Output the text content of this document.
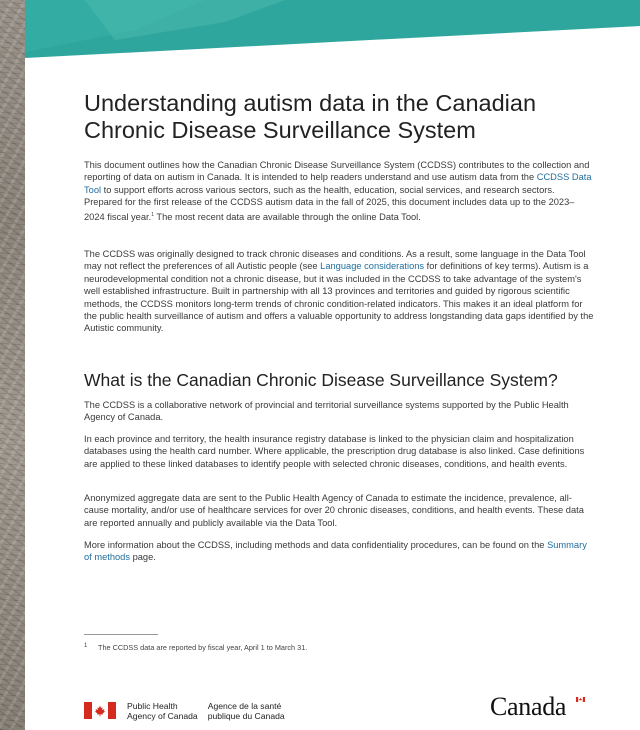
Understanding autism data in the Canadian Chronic Disease Surveillance System

This document outlines how the Canadian Chronic Disease Surveillance System (CCDSS) contributes to the collection and reporting of data on autism in Canada. It is intended to help readers understand and use autism data from the CCDSS Data Tool to support efforts across various sectors, such as the health, education, social services, and research sectors. Prepared for the first release of the CCDSS autism data in the fall of 2025, this document includes data up to the 2023–2024 fiscal year.$^1$ The most recent data are available through the online Data Tool.

The CCDSS was originally designed to track chronic diseases and conditions. As a result, some language in the Data Tool may not reflect the preferences of all Autistic people (see Language considerations for definitions of key terms). Autism is a neurodevelopmental condition not a chronic disease, but it was included in the CCDSS to take advantage of the system's well established infrastructure. Built in partnership with all 13 provinces and territories and guided by rigorous scientific methods, the CCDSS monitors long-term trends of chronic condition-related indicators. This makes it an ideal platform for the public health surveillance of autism and offers a valuable opportunity to address longstanding data gaps identified by the Autistic community.

What is the Canadian Chronic Disease Surveillance System?

The CCDSS is a collaborative network of provincial and territorial surveillance systems supported by the Public Health Agency of Canada.

In each province and territory, the health insurance registry database is linked to the physician claim and hospitalization databases using the health card number. Where applicable, the prescription drug database is also linked. Case definitions are applied to these linked databases to identify people with selected chronic diseases, conditions, and health events.

Anonymized aggregate data are sent to the Public Health Agency of Canada to estimate the incidence, prevalence, all-cause mortality, and/or use of healthcare services for over 20 chronic diseases, conditions, and health events. These data are reported annually and publicly available via the Data Tool.

More information about the CCDSS, including methods and data confidentiality procedures, can be found on the Summary of methods page.

1 The CCDSS data are reported by fiscal year, April 1 to March 31.
Public Health
Agency of Canada
Agence de la santé
publique du Canada	Canada
